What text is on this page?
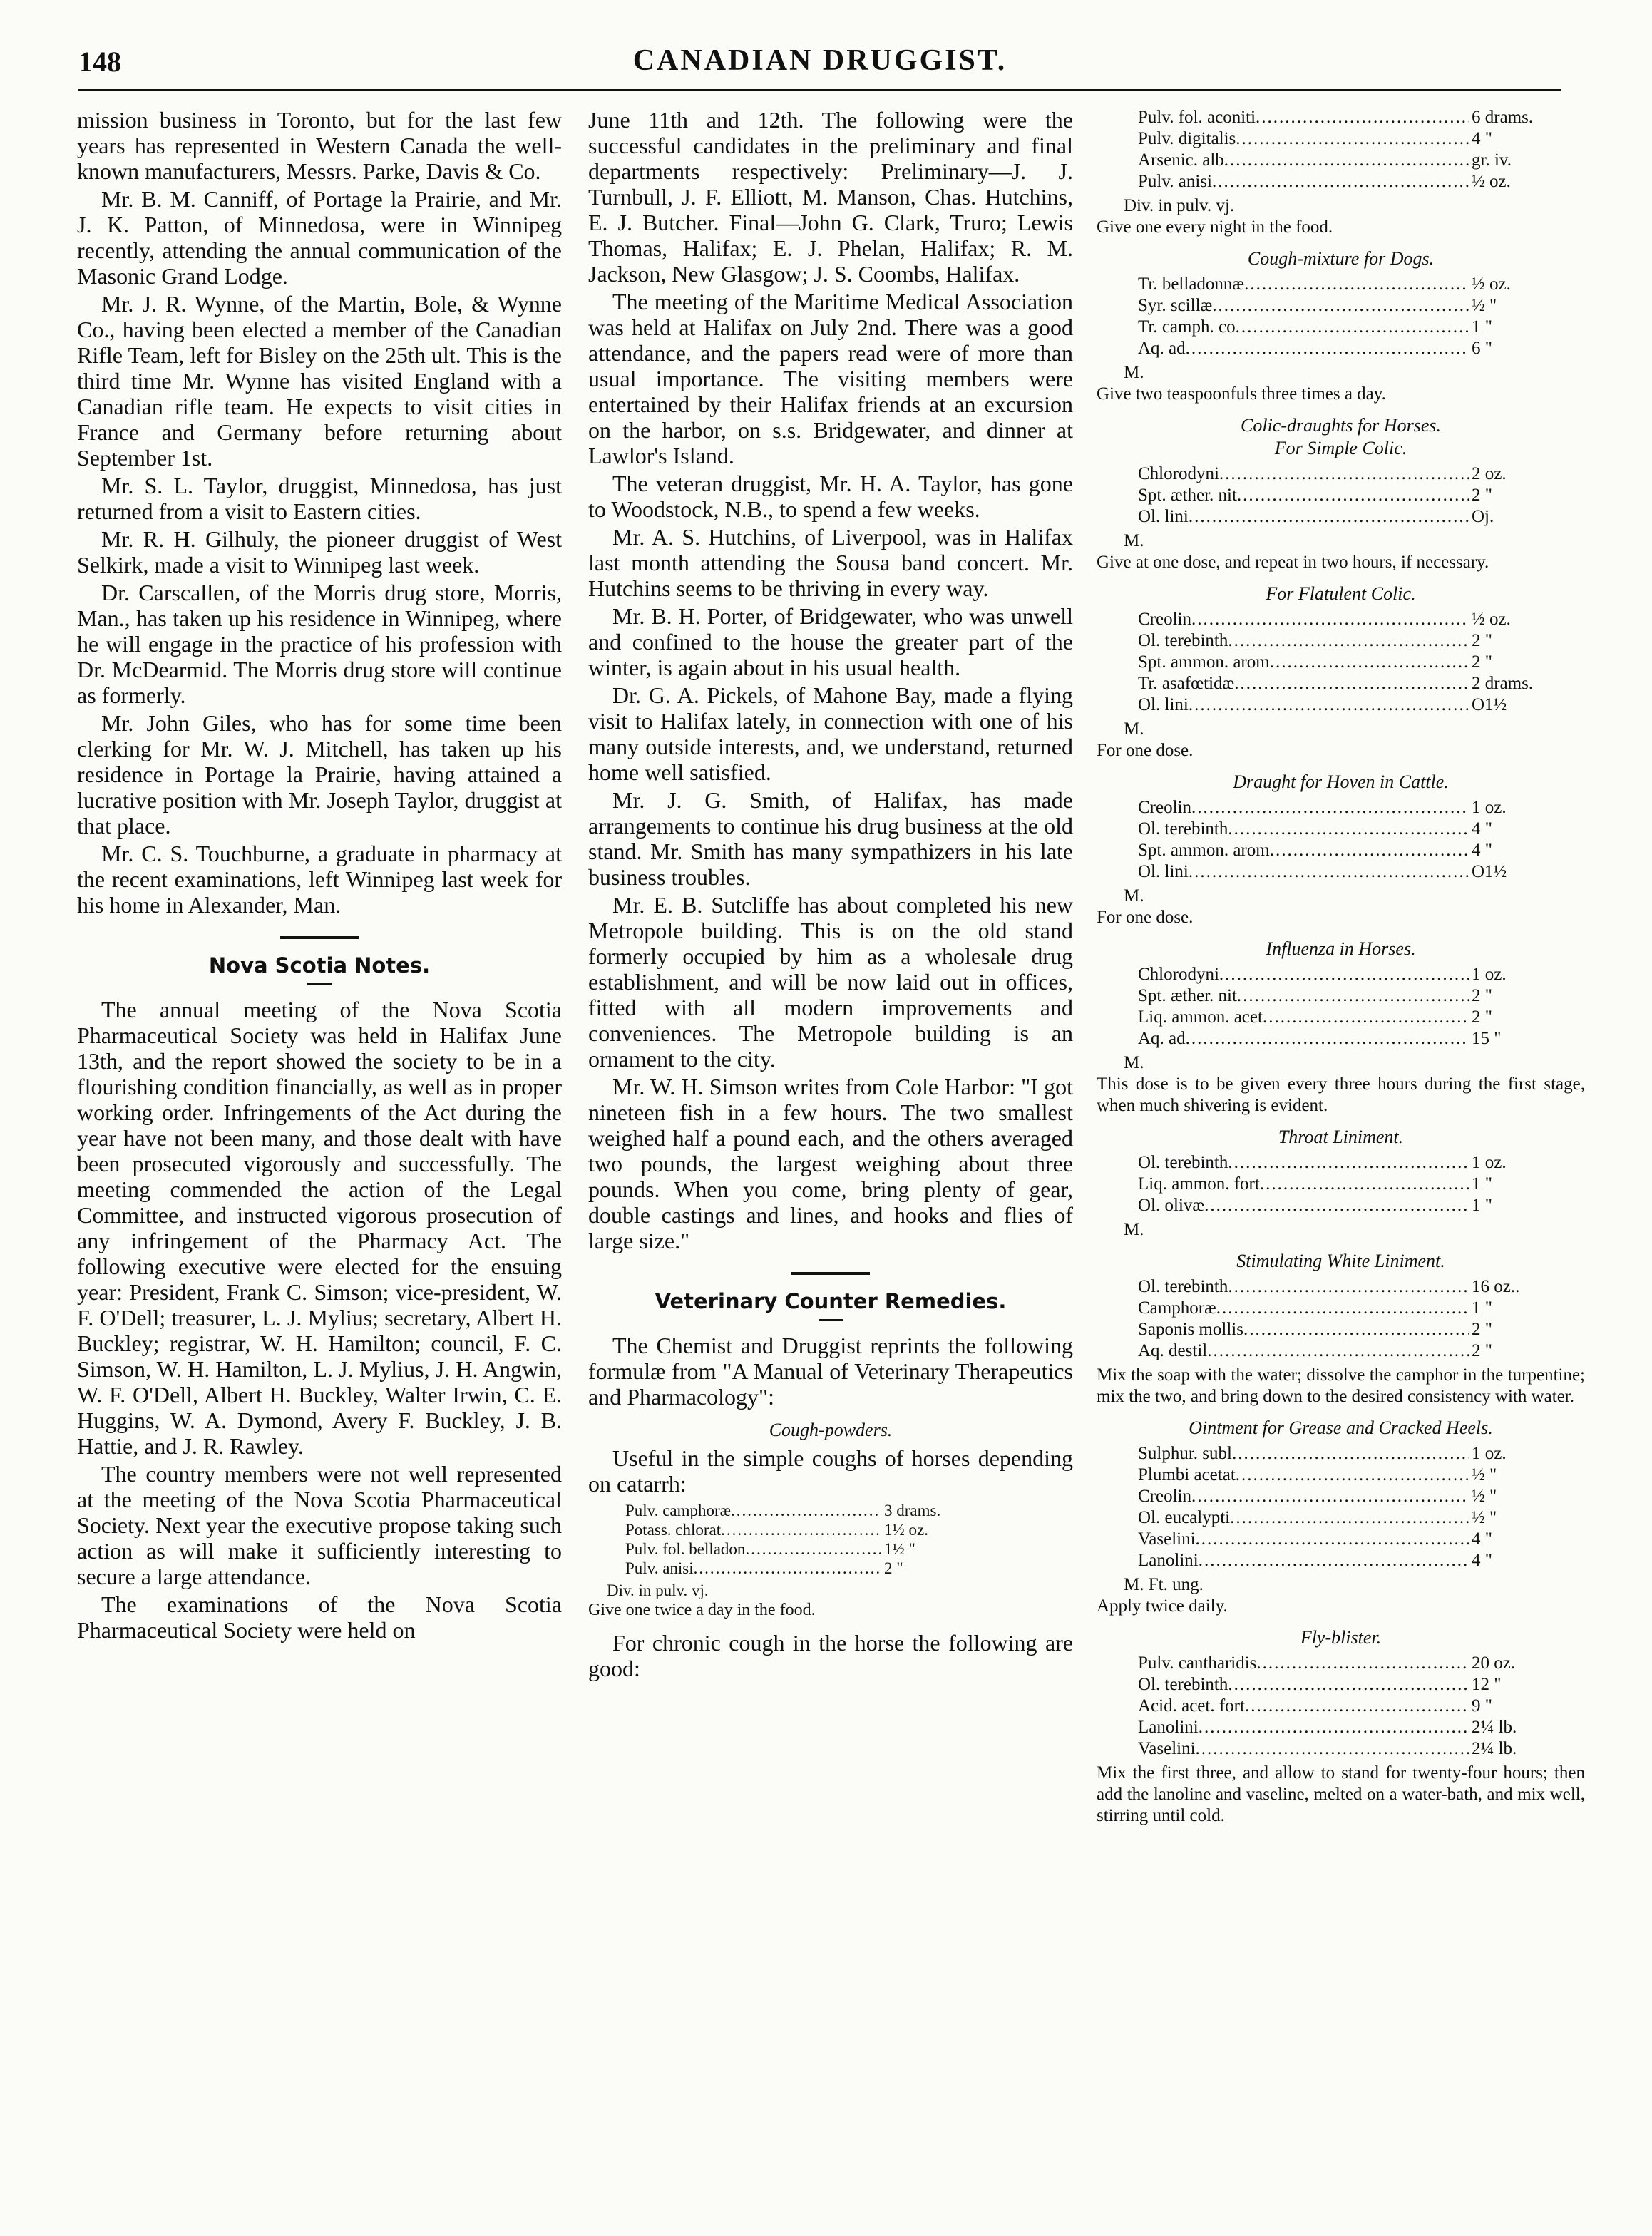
148	CANADIAN DRUGGIST.

mission business in Toronto, but for the last few years has represented in Western Canada the well-known manufacturers, Messrs. Parke, Davis & Co.

Mr. B. M. Canniff, of Portage la Prairie, and Mr. J. K. Patton, of Minnedosa, were in Winnipeg recently, attending the annual communication of the Masonic Grand Lodge.

Mr. J. R. Wynne, of the Martin, Bole, & Wynne Co., having been elected a member of the Canadian Rifle Team, left for Bisley on the 25th ult. This is the third time Mr. Wynne has visited England with a Canadian rifle team. He expects to visit cities in France and Germany before returning about September 1st.

Mr. S. L. Taylor, druggist, Minnedosa, has just returned from a visit to Eastern cities.

Mr. R. H. Gilhuly, the pioneer druggist of West Selkirk, made a visit to Winnipeg last week.

Dr. Carscallen, of the Morris drug store, Morris, Man., has taken up his residence in Winnipeg, where he will engage in the practice of his profession with Dr. McDearmid. The Morris drug store will continue as formerly.

Mr. John Giles, who has for some time been clerking for Mr. W. J. Mitchell, has taken up his residence in Portage la Prairie, having attained a lucrative position with Mr. Joseph Taylor, druggist at that place.

Mr. C. S. Touchburne, a graduate in pharmacy at the recent examinations, left Winnipeg last week for his home in Alexander, Man.

Nova Scotia Notes.

The annual meeting of the Nova Scotia Pharmaceutical Society was held in Halifax June 13th, and the report showed the society to be in a flourishing condition financially, as well as in proper working order. Infringements of the Act during the year have not been many, and those dealt with have been prosecuted vigorously and successfully. The meeting commended the action of the Legal Committee, and instructed vigorous prosecution of any infringement of the Pharmacy Act. The following executive were elected for the ensuing year: President, Frank C. Simson; vice-president, W. F. O'Dell; treasurer, L. J. Mylius; secretary, Albert H. Buckley; registrar, W. H. Hamilton; council, F. C. Simson, W. H. Hamilton, L. J. Mylius, J. H. Angwin, W. F. O'Dell, Albert H. Buckley, Walter Irwin, C. E. Huggins, W. A. Dymond, Avery F. Buckley, J. B. Hattie, and J. R. Rawley.

The country members were not well represented at the meeting of the Nova Scotia Pharmaceutical Society. Next year the executive propose taking such action as will make it sufficiently interesting to secure a large attendance.

The examinations of the Nova Scotia Pharmaceutical Society were held on

June 11th and 12th. The following were the successful candidates in the preliminary and final departments respectively: Preliminary—J. J. Turnbull, J. F. Elliott, M. Manson, Chas. Hutchins, E. J. Butcher. Final—John G. Clark, Truro; Lewis Thomas, Halifax; E. J. Phelan, Halifax; R. M. Jackson, New Glasgow; J. S. Coombs, Halifax.

The meeting of the Maritime Medical Association was held at Halifax on July 2nd. There was a good attendance, and the papers read were of more than usual importance. The visiting members were entertained by their Halifax friends at an excursion on the harbor, on s.s. Bridgewater, and dinner at Lawlor's Island.

The veteran druggist, Mr. H. A. Taylor, has gone to Woodstock, N.B., to spend a few weeks.

Mr. A. S. Hutchins, of Liverpool, was in Halifax last month attending the Sousa band concert. Mr. Hutchins seems to be thriving in every way.

Mr. B. H. Porter, of Bridgewater, who was unwell and confined to the house the greater part of the winter, is again about in his usual health.

Dr. G. A. Pickels, of Mahone Bay, made a flying visit to Halifax lately, in connection with one of his many outside interests, and, we understand, returned home well satisfied.

Mr. J. G. Smith, of Halifax, has made arrangements to continue his drug business at the old stand. Mr. Smith has many sympathizers in his late business troubles.

Mr. E. B. Sutcliffe has about completed his new Metropole building. This is on the old stand formerly occupied by him as a wholesale drug establishment, and will be now laid out in offices, fitted with all modern improvements and conveniences. The Metropole building is an ornament to the city.

Mr. W. H. Simson writes from Cole Harbor: "I got nineteen fish in a few hours. The two smallest weighed half a pound each, and the others averaged two pounds, the largest weighing about three pounds. When you come, bring plenty of gear, double castings and lines, and hooks and flies of large size."

Veterinary Counter Remedies.

The Chemist and Druggist reprints the following formulæ from "A Manual of Veterinary Therapeutics and Pharmacology":

Cough-powders.

Useful in the simple coughs of horses depending on catarrh:

Pulv. camphoræ .....	3 drams.
Potass. chlorat .....	1½ oz.
Pulv. fol. belladon .....	1½ "
Pulv. anisi .....	2 "
Div. in pulv. vj.
Give one twice a day in the food.

For chronic cough in the horse the following are good:

Pulv. fol. aconiti .....	6 drams.
Pulv. digitalis .....	4 "
Arsenic. alb .....	gr. iv.
Pulv. anisi .....	½ oz.
Div. in pulv. vj.
Give one every night in the food.
Cough-mixture for Dogs.
Tr. belladonnæ .....	½ oz.
Syr. scillæ .....	½ "
Tr. camph. co .....	1 "
Aq. ad .....	6 "
M.
Give two teaspoonfuls three times a day.
Colic-draughts for Horses.
For Simple Colic.
Chlorodyni .....	2 oz.
Spt. æther. nit .....	2 "
Ol. lini .....	Oj.
M.
Give at one dose, and repeat in two hours, if necessary.
For Flatulent Colic.
Creolin .....	½ oz.
Ol. terebinth .....	2 "
Spt. ammon. arom .....	2 "
Tr. asafœtidæ .....	2 drams.
Ol. lini .....	O1½
M.
For one dose.
Draught for Hoven in Cattle.
Creolin .....	1 oz.
Ol. terebinth .....	4 "
Spt. ammon. arom .....	4 "
Ol. lini .....	O1½
M.
For one dose.
Influenza in Horses.
Chlorodyni .....	1 oz.
Spt. æther. nit .....	2 "
Liq. ammon. acet .....	2 "
Aq. ad .....	15 "
M.
This dose is to be given every three hours during the first stage, when much shivering is evident.
Throat Liniment.
Ol. terebinth .....	1 oz.
Liq. ammon. fort .....	1 "
Ol. olivæ .....	1 "
M.
Stimulating White Liniment.
Ol. terebinth .....	16 oz..
Camphoræ .....	1 "
Saponis mollis .....	2 "
Aq. destil .....	2 "
Mix the soap with the water; dissolve the camphor in the turpentine; mix the two, and bring down to the desired consistency with water.
Ointment for Grease and Cracked Heels.
Sulphur. subl .....	1 oz.
Plumbi acetat .....	½ "
Creolin .....	½ "
Ol. eucalypti .....	½ "
Vaselini .....	4 "
Lanolini .....	4 "
M. Ft. ung.
Apply twice daily.
Fly-blister.
Pulv. cantharidis .....	20 oz.
Ol. terebinth .....	12 "
Acid. acet. fort .....	9 "
Lanolini .....	2¼ lb.
Vaselini .....	2¼ lb.
Mix the first three, and allow to stand for twenty-four hours; then add the lanoline and vaseline, melted on a water-bath, and mix well, stirring until cold.
